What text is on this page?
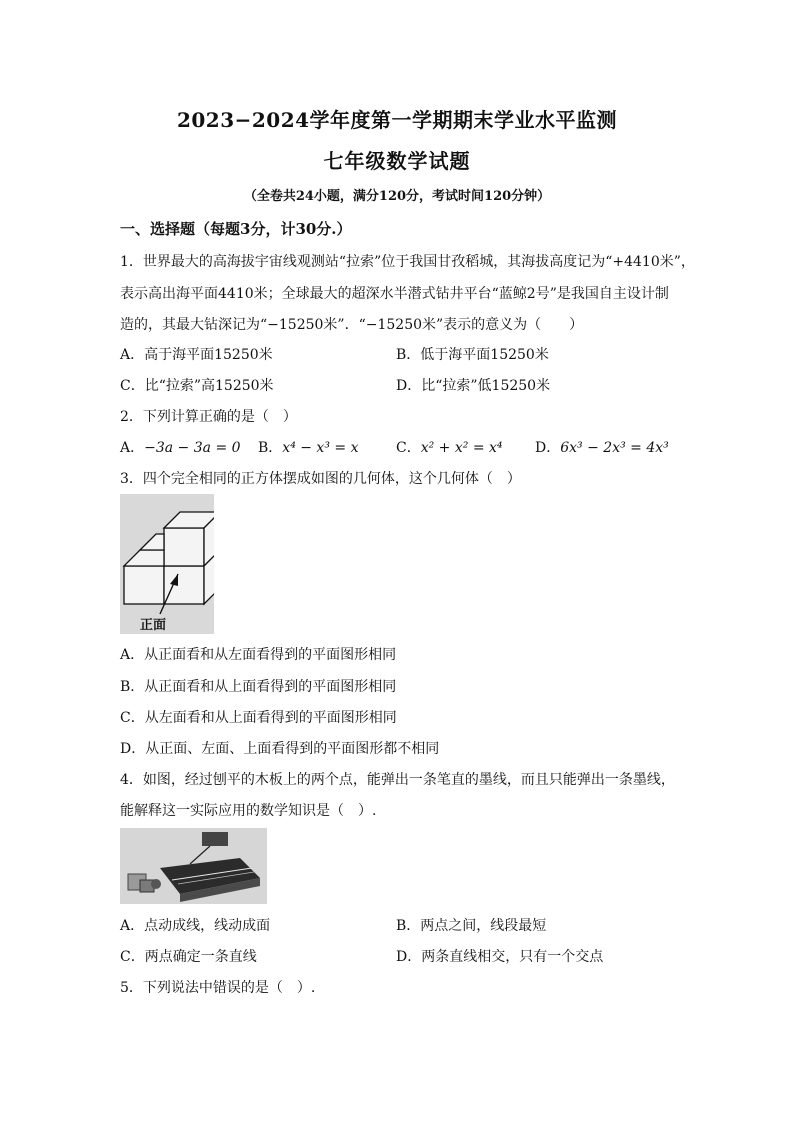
2023−2024学年度第一学期期末学业水平监测
七年级数学试题
（全卷共24小题，满分120分，考试时间120分钟）
一、选择题（每题3分，计30分.）
1．世界最大的高海拔宇宙线观测站“拉索”位于我国甘孜稻城，其海拔高度记为“+4410米”，
表示高出海平面4410米；全球最大的超深水半潜式钻井平台“蓝鲸2号”是我国自主设计制
造的，其最大钻深记为“−15250米”．“−15250米”表示的意义为（　　）
A．高于海平面15250米	B．低于海平面15250米
C．比“拉索”高15250米	D．比“拉索”低15250米
2．下列计算正确的是（　）
A．−3a − 3a = 0 B．x⁴ − x³ = x	C．x² + x² = x⁴ D．6x³ − 2x³ = 4x³
3．四个完全相同的正方体摆成如图的几何体，这个几何体（　）
正面
A．从正面看和从左面看得到的平面图形相同
B．从正面看和从上面看得到的平面图形相同
C．从左面看和从上面看得到的平面图形相同
D．从正面、左面、上面看得到的平面图形都不相同
4．如图，经过刨平的木板上的两个点，能弹出一条笔直的墨线，而且只能弹出一条墨线，
能解释这一实际应用的数学知识是（　）.
A．点动成线，线动成面	B．两点之间，线段最短
C．两点确定一条直线	D．两条直线相交，只有一个交点
5．下列说法中错误的是（　）.
